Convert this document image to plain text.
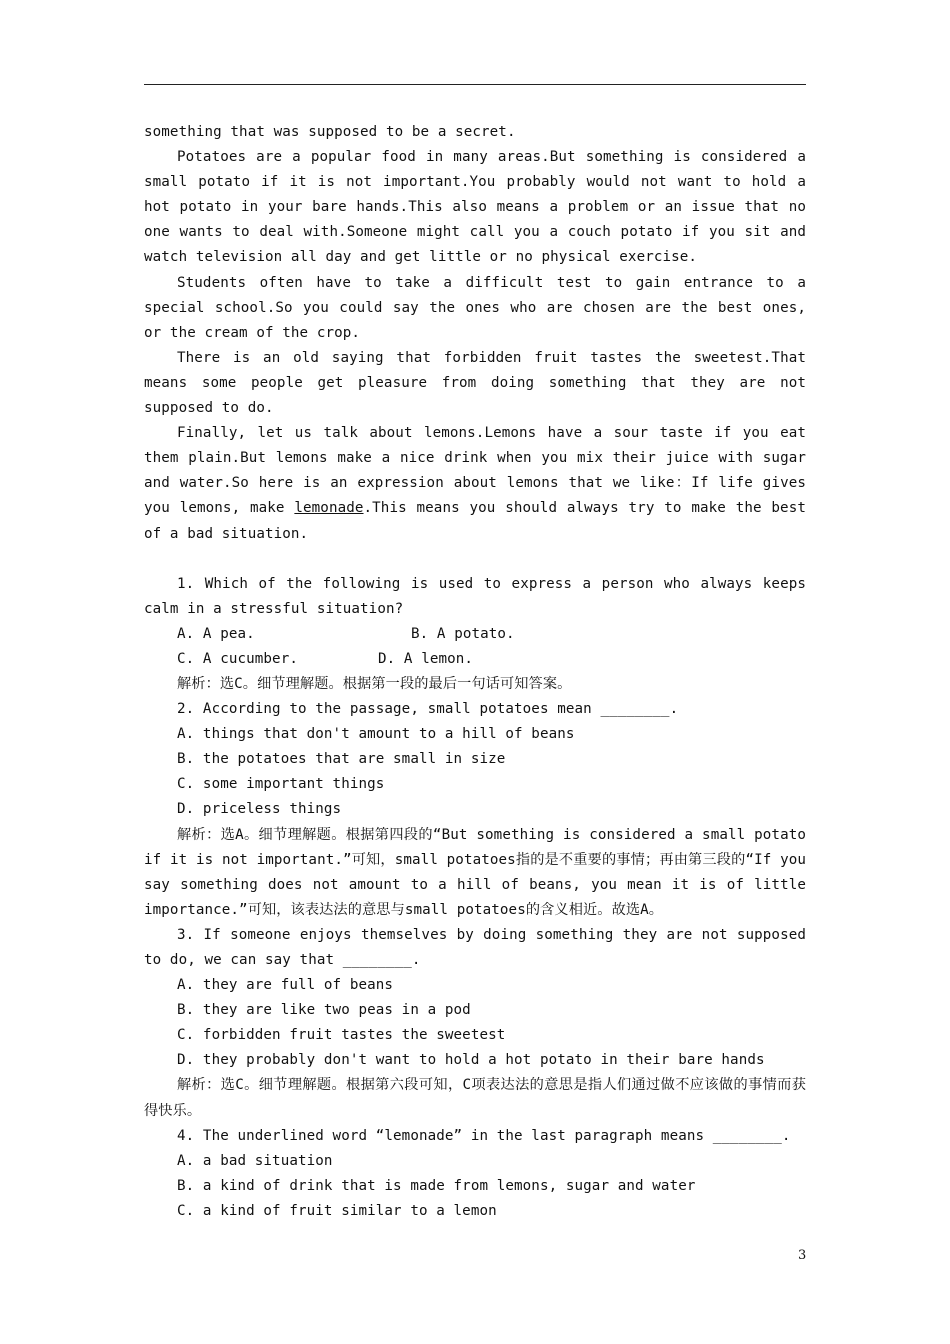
something that was supposed to be a secret.

Potatoes are a popular food in many areas.But something is considered a small potato if it is not important.You probably would not want to hold a hot potato in your bare hands.This also means a problem or an issue that no one wants to deal with.Someone might call you a couch potato if you sit and watch television all day and get little or no physical exercise.

Students often have to take a difficult test to gain entrance to a special school.So you could say the ones who are chosen are the best ones, or the cream of the crop.

There is an old saying that forbidden fruit tastes the sweetest.That means some people get pleasure from doing something that they are not supposed to do.

Finally, let us talk about lemons.Lemons have a sour taste if you eat them plain.But lemons make a nice drink when you mix their juice with sugar and water.So here is an expression about lemons that we like：If life gives you lemons, make lemonade.This means you should always try to make the best of a bad situation.

1. Which of the following is used to express a person who always keeps calm in a stressful situation?

A. A pea.	B. A potato.
C. A cucumber.	D. A lemon.

解析：选C。细节理解题。根据第一段的最后一句话可知答案。

2. According to the passage, small potatoes mean ________.

A. things that don't amount to a hill of beans

B. the potatoes that are small in size

C. some important things

D. priceless things

解析：选A。细节理解题。根据第四段的“But something is considered a small potato if it is not important.”可知，small potatoes指的是不重要的事情；再由第三段的“If you say something does not amount to a hill of beans, you mean it is of little importance.”可知，该表达法的意思与small potatoes的含义相近。故选A。

3. If someone enjoys themselves by doing something they are not supposed to do, we can say that ________.

A. they are full of beans

B. they are like two peas in a pod

C. forbidden fruit tastes the sweetest

D. they probably don't want to hold a hot potato in their bare hands

解析：选C。细节理解题。根据第六段可知，C项表达法的意思是指人们通过做不应该做的事情而获得快乐。

4. The underlined word “lemonade” in the last paragraph means ________.

A. a bad situation

B. a kind of drink that is made from lemons, sugar and water

C. a kind of fruit similar to a lemon

3
